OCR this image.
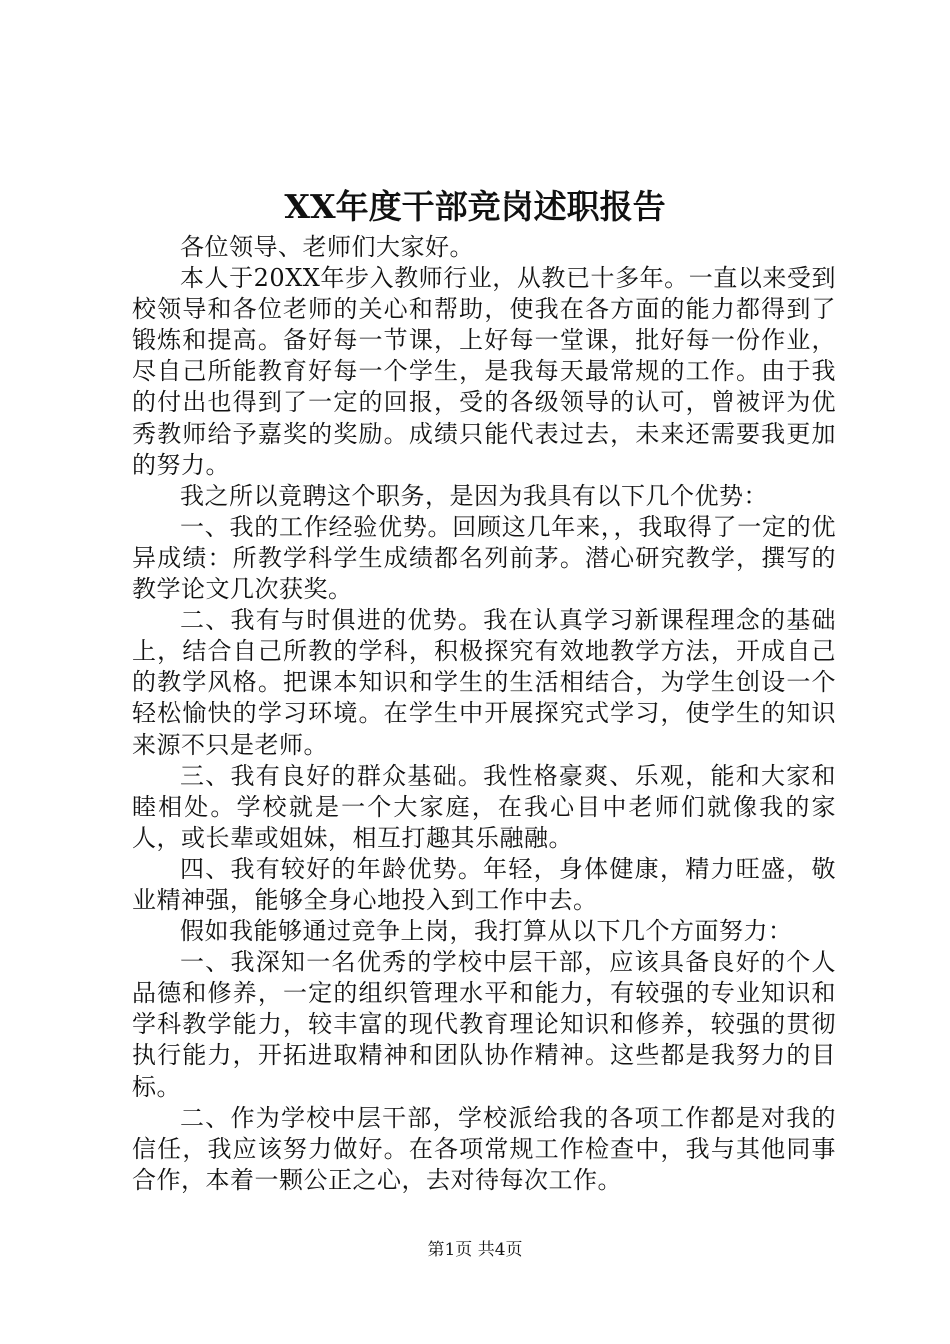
XX年度干部竞岗述职报告

各位领导、老师们大家好。

本人于20XX年步入教师行业，从教已十多年。一直以来受到校领导和各位老师的关心和帮助，使我在各方面的能力都得到了锻炼和提高。备好每一节课，上好每一堂课，批好每一份作业，尽自己所能教育好每一个学生，是我每天最常规的工作。由于我的付出也得到了一定的回报，受的各级领导的认可，曾被评为优秀教师给予嘉奖的奖励。成绩只能代表过去，未来还需要我更加的努力。

我之所以竟聘这个职务，是因为我具有以下几个优势：

一、我的工作经验优势。回顾这几年来，，我取得了一定的优异成绩：所教学科学生成绩都名列前茅。潜心研究教学，撰写的教学论文几次获奖。

二、我有与时俱进的优势。我在认真学习新课程理念的基础上，结合自己所教的学科，积极探究有效地教学方法，开成自己的教学风格。把课本知识和学生的生活相结合，为学生创设一个轻松愉快的学习环境。在学生中开展探究式学习，使学生的知识来源不只是老师。

三、我有良好的群众基础。我性格豪爽、乐观，能和大家和睦相处。学校就是一个大家庭，在我心目中老师们就像我的家人，或长辈或姐妹，相互打趣其乐融融。

四、我有较好的年龄优势。年轻，身体健康，精力旺盛，敬业精神强，能够全身心地投入到工作中去。

假如我能够通过竞争上岗，我打算从以下几个方面努力：

一、我深知一名优秀的学校中层干部，应该具备良好的个人品德和修养，一定的组织管理水平和能力，有较强的专业知识和学科教学能力，较丰富的现代教育理论知识和修养，较强的贯彻执行能力，开拓进取精神和团队协作精神。这些都是我努力的目标。

二、作为学校中层干部，学校派给我的各项工作都是对我的信任，我应该努力做好。在各项常规工作检查中，我与其他同事合作，本着一颗公正之心，去对待每次工作。

第1页 共4页
